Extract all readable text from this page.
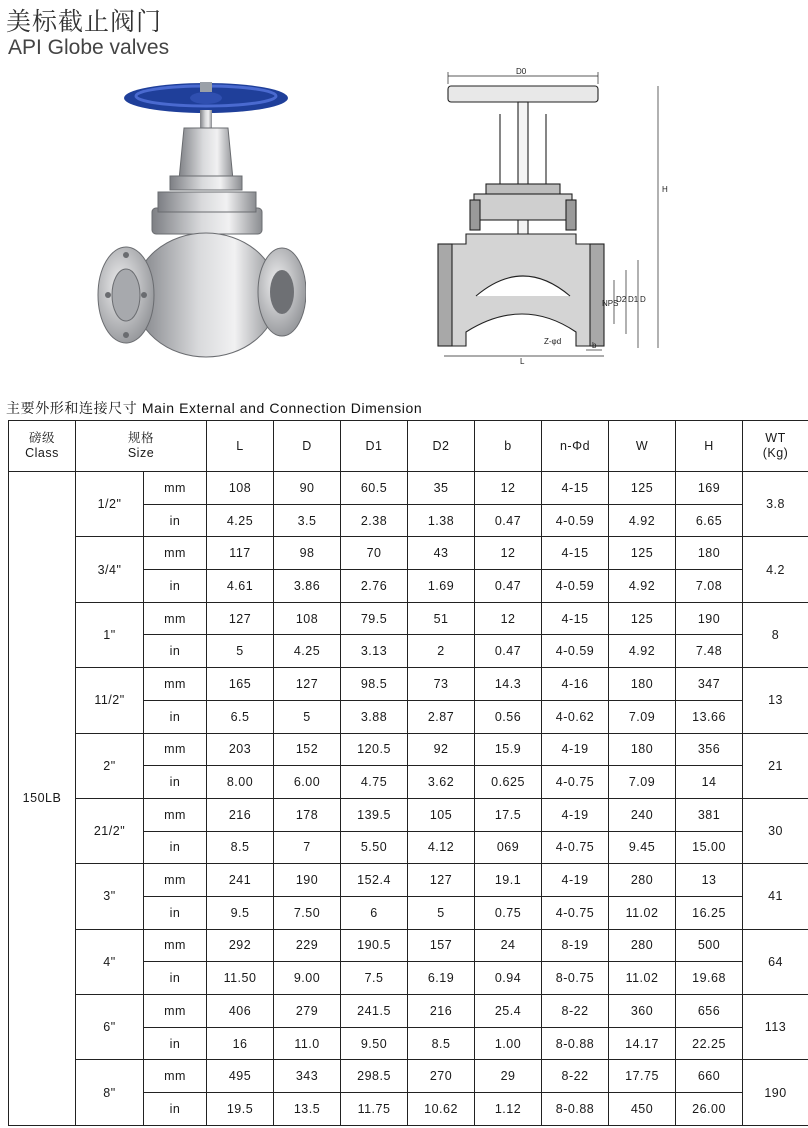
美标截止阀门
API Globe valves
D0
H
NPS
D2 D1 D
Z-φd	b
L
主要外形和连接尺寸 Main External and Connection Dimension
磅级
Class	规格
Size		L	D	D1	D2	b	n-Φd	W	H	WT
(Kg)
150LB	1/2"	mm	108	90	60.5	35	12	4-15	125	169	3.8
		in	4.25	3.5	2.38	1.38	0.47	4-0.59	4.92	6.65	
	3/4"	mm	117	98	70	43	12	4-15	125	180	4.2
		in	4.61	3.86	2.76	1.69	0.47	4-0.59	4.92	7.08	
	1"	mm	127	108	79.5	51	12	4-15	125	190	8
		in	5	4.25	3.13	2	0.47	4-0.59	4.92	7.48	
	11/2"	mm	165	127	98.5	73	14.3	4-16	180	347	13
		in	6.5	5	3.88	2.87	0.56	4-0.62	7.09	13.66	
	2"	mm	203	152	120.5	92	15.9	4-19	180	356	21
		in	8.00	6.00	4.75	3.62	0.625	4-0.75	7.09	14	
	21/2"	mm	216	178	139.5	105	17.5	4-19	240	381	30
		in	8.5	7	5.50	4.12	069	4-0.75	9.45	15.00	
	3"	mm	241	190	152.4	127	19.1	4-19	280	13	41
		in	9.5	7.50	6	5	0.75	4-0.75	11.02	16.25	
	4"	mm	292	229	190.5	157	24	8-19	280	500	64
		in	11.50	9.00	7.5	6.19	0.94	8-0.75	11.02	19.68	
	6"	mm	406	279	241.5	216	25.4	8-22	360	656	113
		in	16	11.0	9.50	8.5	1.00	8-0.88	14.17	22.25	
	8"	mm	495	343	298.5	270	29	8-22	17.75	660	190
		in	19.5	13.5	11.75	10.62	1.12	8-0.88	450	26.00	
